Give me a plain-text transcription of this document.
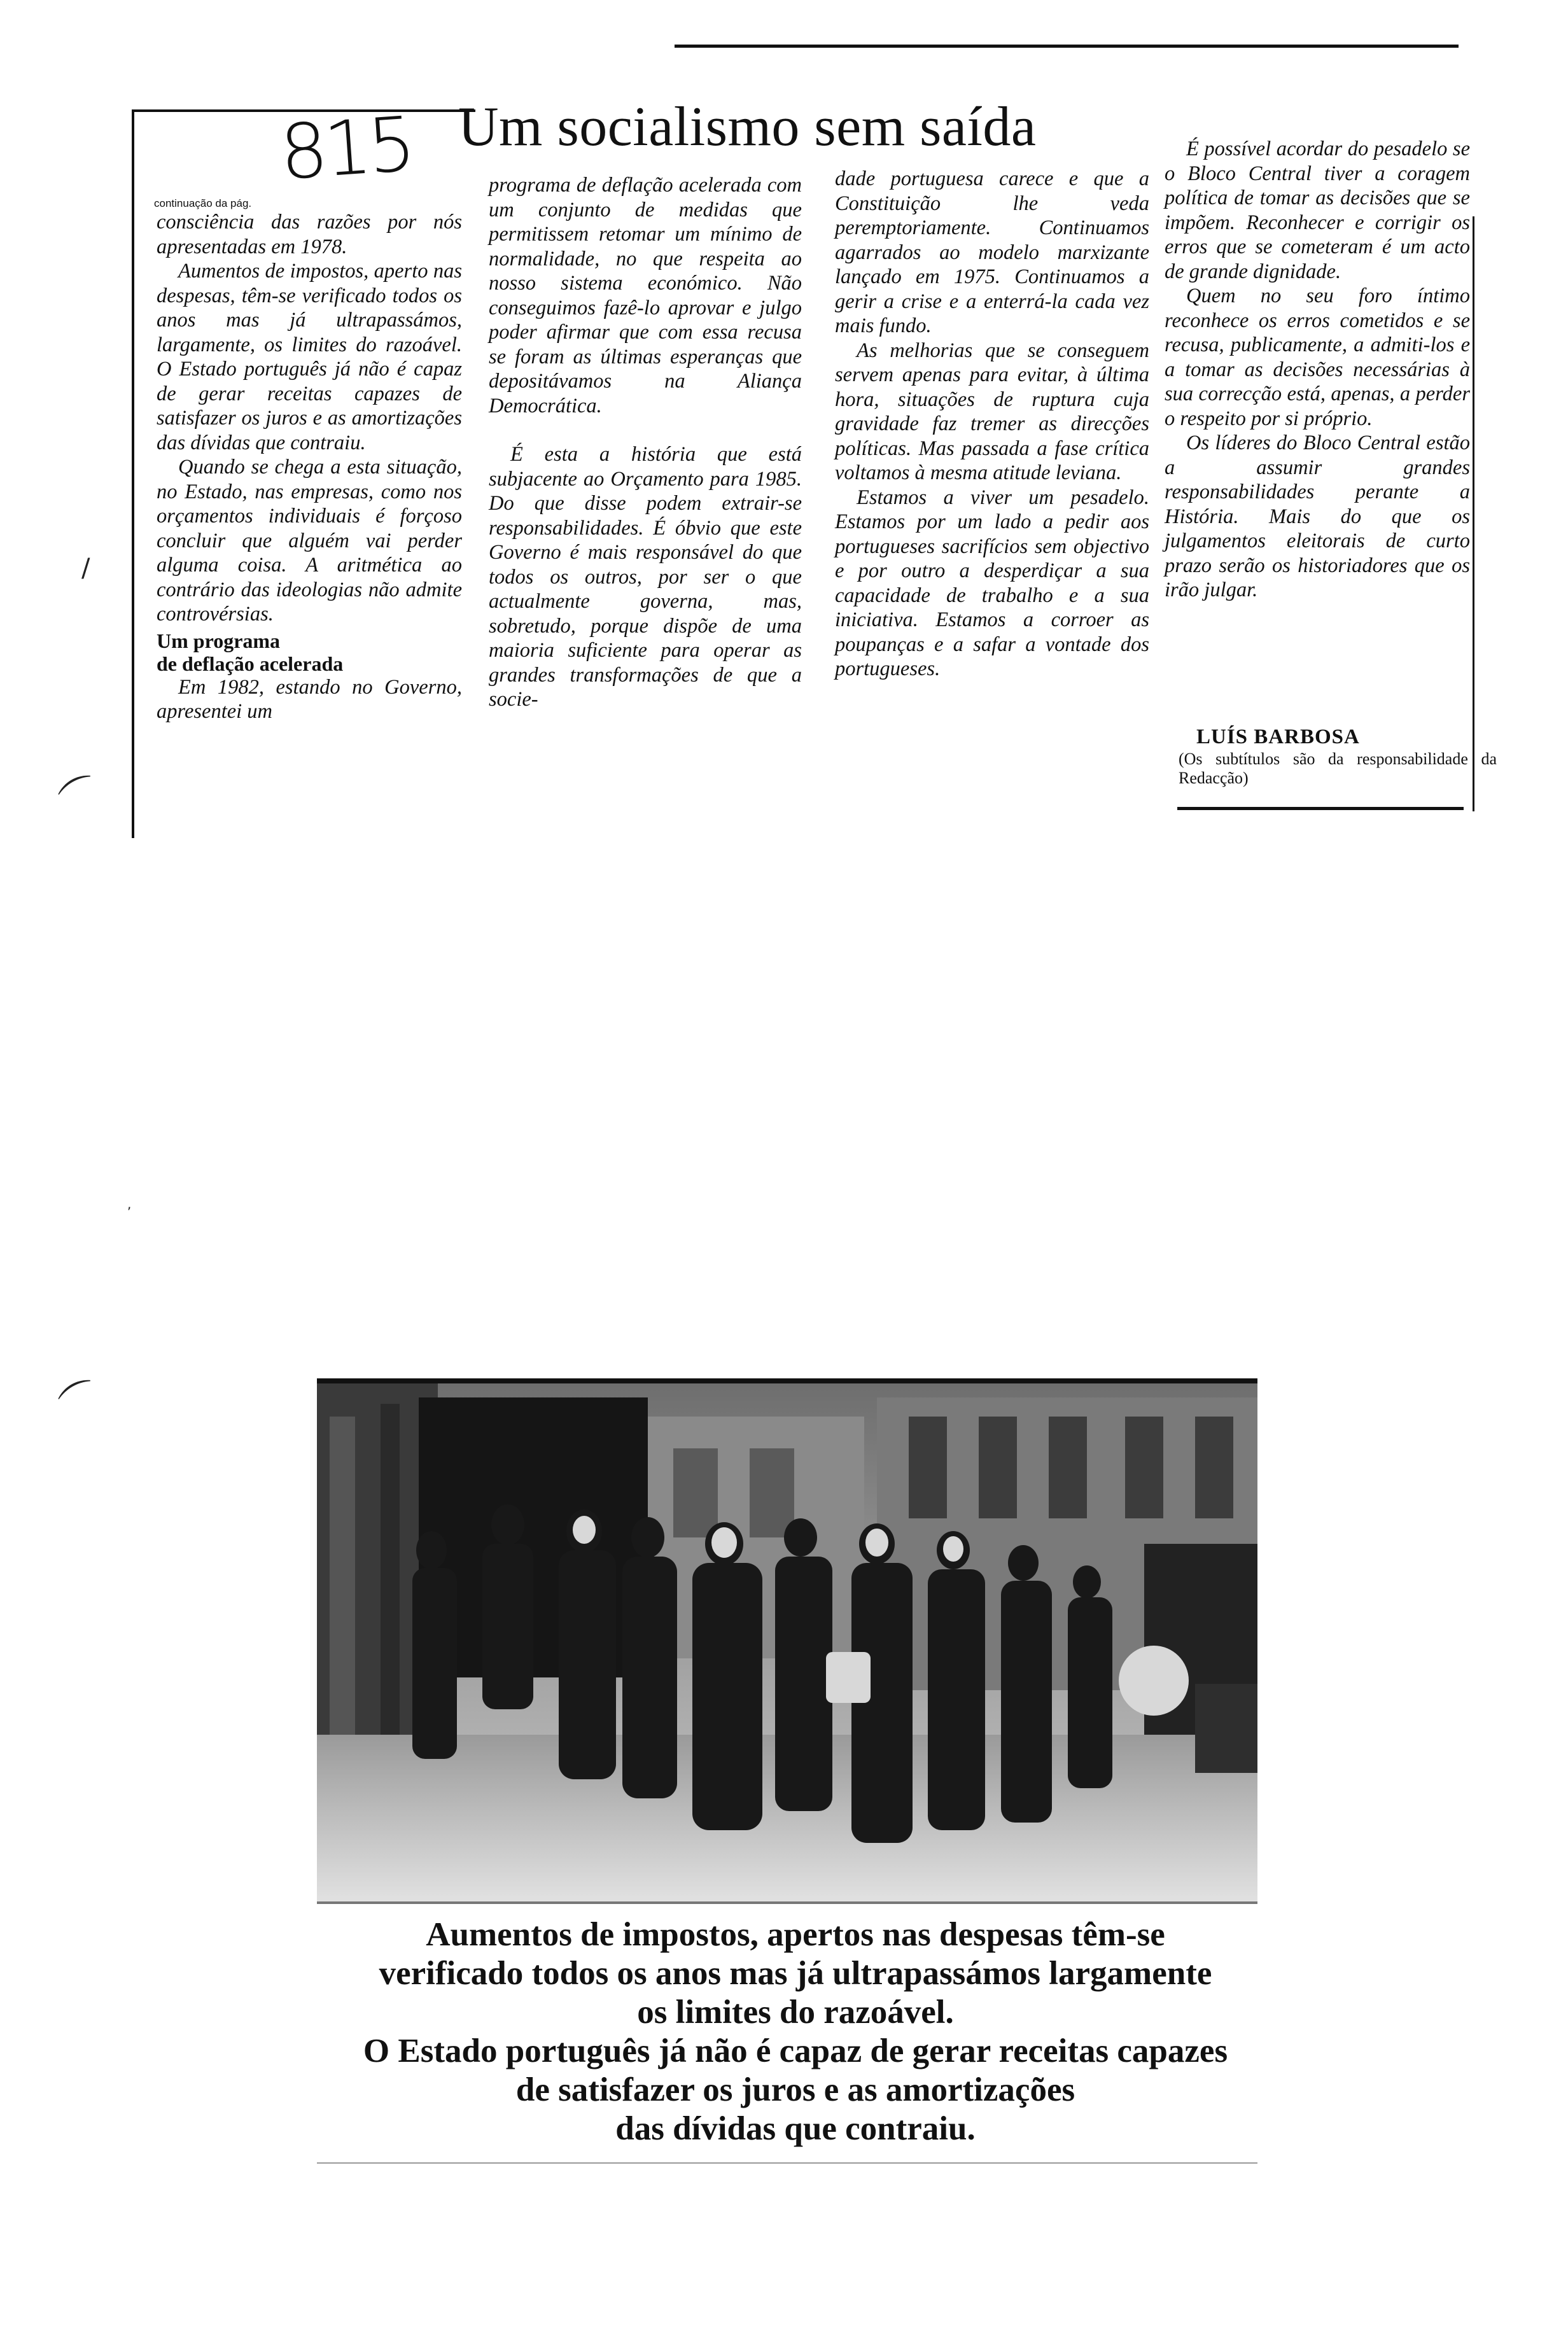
815 Um socialismo sem saída
continuação da pág.

consciência das razões por nós apresentadas em 1978.

Aumentos de impostos, aperto nas despesas, têm-se verificado todos os anos mas já ultrapassámos, largamente, os limites do razoável. O Estado português já não é capaz de gerar receitas capazes de satisfazer os juros e as amortizações das dívidas que contraiu.

Quando se chega a esta situação, no Estado, nas empresas, como nos orçamentos individuais é forçoso concluir que alguém vai perder alguma coisa. A aritmética ao contrário das ideologias não admite controvérsias.

Um programa
de deflação acelerada

Em 1982, estando no Governo, apresentei um

programa de deflação acelerada com um conjunto de medidas que permitissem retomar um mínimo de normalidade, no que respeita ao nosso sistema económico. Não conseguimos fazê-lo aprovar e julgo poder afirmar que com essa recusa se foram as últimas esperanças que depositávamos na Aliança Democrática.

É esta a história que está subjacente ao Orçamento para 1985. Do que disse podem extrair-se responsabilidades. É óbvio que este Governo é mais responsável do que todos os outros, por ser o que actualmente governa, mas, sobretudo, porque dispõe de uma maioria suficiente para operar as grandes transformações de que a socie-

dade portuguesa carece e que a Constituição lhe veda peremptoriamente. Continuamos agarrados ao modelo marxizante lançado em 1975. Continuamos a gerir a crise e a enterrá-la cada vez mais fundo.

As melhorias que se conseguem servem apenas para evitar, à última hora, situações de ruptura cuja gravidade faz tremer as direcções políticas. Mas passada a fase crítica voltamos à mesma atitude leviana.

Estamos a viver um pesadelo. Estamos por um lado a pedir aos portugueses sacrifícios sem objectivo e por outro a desperdiçar a sua capacidade de trabalho e a sua iniciativa. Estamos a corroer as poupanças e a safar a vontade dos portugueses.

É possível acordar do pesadelo se o Bloco Central tiver a coragem política de tomar as decisões que se impõem. Reconhecer e corrigir os erros que se cometeram é um acto de grande dignidade.

Quem no seu foro íntimo reconhece os erros cometidos e se recusa, publicamente, a admiti-los e a tomar as decisões necessárias à sua correcção está, apenas, a perder o respeito por si próprio.

Os líderes do Bloco Central estão a assumir grandes responsabilidades perante a História. Mais do que os julgamentos eleitorais de curto prazo serão os historiadores que os irão julgar.

LUÍS BARBOSA
(Os subtítulos são da responsabilidade da Redacção)
/
⌒
⌒
,
Aumentos de impostos, apertos nas despesas têm-se
verificado todos os anos mas já ultrapassámos largamente
os limites do razoável.
O Estado português já não é capaz de gerar receitas capazes
de satisfazer os juros e as amortizações
das dívidas que contraiu.
